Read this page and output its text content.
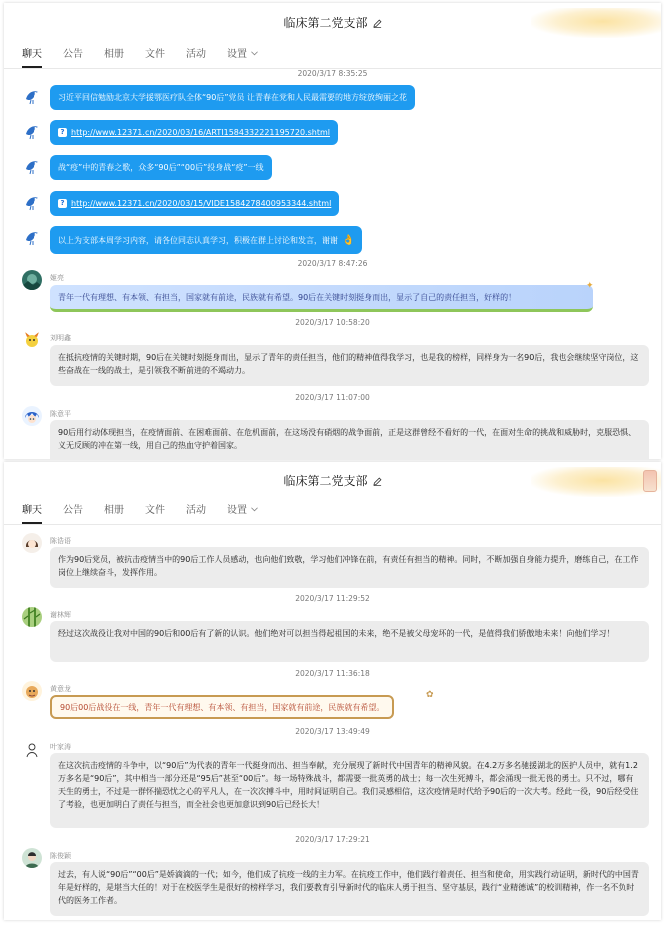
临床第二党支部
聊天 公告 相册 文件 活动 设置
2020/3/17 8:35:25
习近平回信勉励北京大学援鄂医疗队全体“90后”党员 让青春在党和人民最需要的地方绽放绚丽之花
? http://www.12371.cn/2020/03/16/ARTI1584332221195720.shtml
战“疫”中的青春之歌，众多“90后”“00后”投身战“疫”一线
? http://www.12371.cn/2020/03/15/VIDE1584278400953344.shtml
以上为支部本周学习内容，请各位同志认真学习，积极在群上讨论和发言，谢谢 👌
2020/3/17 8:47:26
姬亮
青年一代有理想、有本领、有担当，国家就有前途，民族就有希望。90后在关键时刻挺身而出，显示了自己的责任担当，好样的！
✦
2020/3/17 10:58:20
刘明鑫
在抵抗疫情的关键时期，90后在关键时刻挺身而出，显示了青年的责任担当，他们的精神值得我学习，也是我的榜样，同样身为一名90后，我也会继续坚守岗位，这些奋战在一线的战士，是引领我不断前进的不竭动力。
2020/3/17 11:07:00
陈意平
90后用行动体现担当，在疫情面前、在困难面前、在危机面前，在这场没有硝烟的战争面前，正是这群曾经不看好的一代，在面对生命的挑战和威胁时，克服恐惧、义无反顾的冲在第一线，用自己的热血守护着国家。
临床第二党支部
聊天 公告 相册 文件 活动 设置
陈诰语
作为90后党员，被抗击疫情当中的90后工作人员感动，也向他们致敬，学习他们冲锋在前，有责任有担当的精神。同时，不断加强自身能力提升，磨练自己，在工作岗位上继续奋斗，发挥作用。
2020/3/17 11:29:52
谢林辉
经过这次战役让我对中国的90后和00后有了新的认识。他们绝对可以担当得起祖国的未来，绝不是被父母宠坏的一代，是值得我们骄傲地未来！向他们学习！
2020/3/17 11:36:18
黄意龙
90后00后战役在一线，青年一代有理想、有本领、有担当，国家就有前途，民族就有希望。
✿
2020/3/17 13:49:49
叶家涛
在这次抗击疫情的斗争中，以“90后”为代表的青年一代挺身而出、担当奉献，充分展现了新时代中国青年的精神风貌。在4.2万多名驰援湖北的医护人员中，就有1.2万多名是“90后”，其中相当一部分还是“95后”甚至“00后”。每一场特殊战斗，都需要一批英勇的战士；每一次生死搏斗，都会涌现一批无畏的勇士。只不过，哪有天生的勇士，不过是一群怀揣恐忧之心的平凡人，在一次次搏斗中，用时间证明自己。我们灵感相信，这次疫情是时代给予90后的一次大考。经此一役，90后经受住了考验，也更加明白了责任与担当，而全社会也更加意识到90后已经长大！
2020/3/17 17:29:21
陈俊颖
过去，有人说“90后”“00后”是娇滴滴的一代；如今，他们成了抗疫一线的主力军。在抗疫工作中，他们践行着责任、担当和使命，用实践行动证明，新时代的中国青年是好样的，是堪当大任的！对于在校医学生是很好的榜样学习，我们要教育引导新时代的临床人勇于担当、坚守基层，践行“业精德诚”的校训精神，作一名不负时代的医务工作者。
